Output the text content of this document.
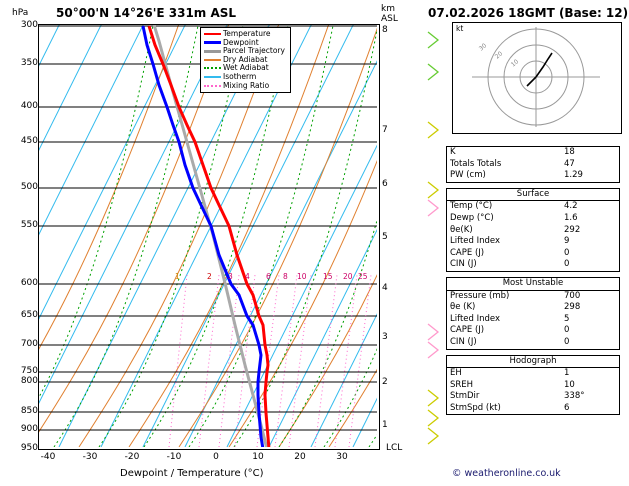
hPa 50°00'N 14°26'E 331m ASL	km
ASL
300
350
400
450
500
550
600
650
700
750
800
850
900
950
-40	-30	-20	-10	0	10	20	30
Dewpoint / Temperature (°C)
8
7
6
5
4
3
2
1
LCL
1	2 3 4 6 8 10 15 20 25
	Temperature
	Dewpoint
	Parcel Trajectory
	Dry Adiabat
	Wet Adiabat
	Isotherm
	Mixing Ratio
07.02.2026 18GMT (Base: 12)
kt
10
20
30
K	18
Totals Totals	47
PW (cm)	1.29
Surface	
Temp (°C)	4.2
Dewp (°C)	1.6
θe(K)	292
Lifted Index	9
CAPE (J)	0
CIN (J)	0
Most Unstable	
Pressure (mb)	700
θe (K)	298
Lifted Index	5
CAPE (J)	0
CIN (J)	0
Hodograph	
EH	1
SREH	10
StmDir	338°
StmSpd (kt)	6
© weatheronline.co.uk
